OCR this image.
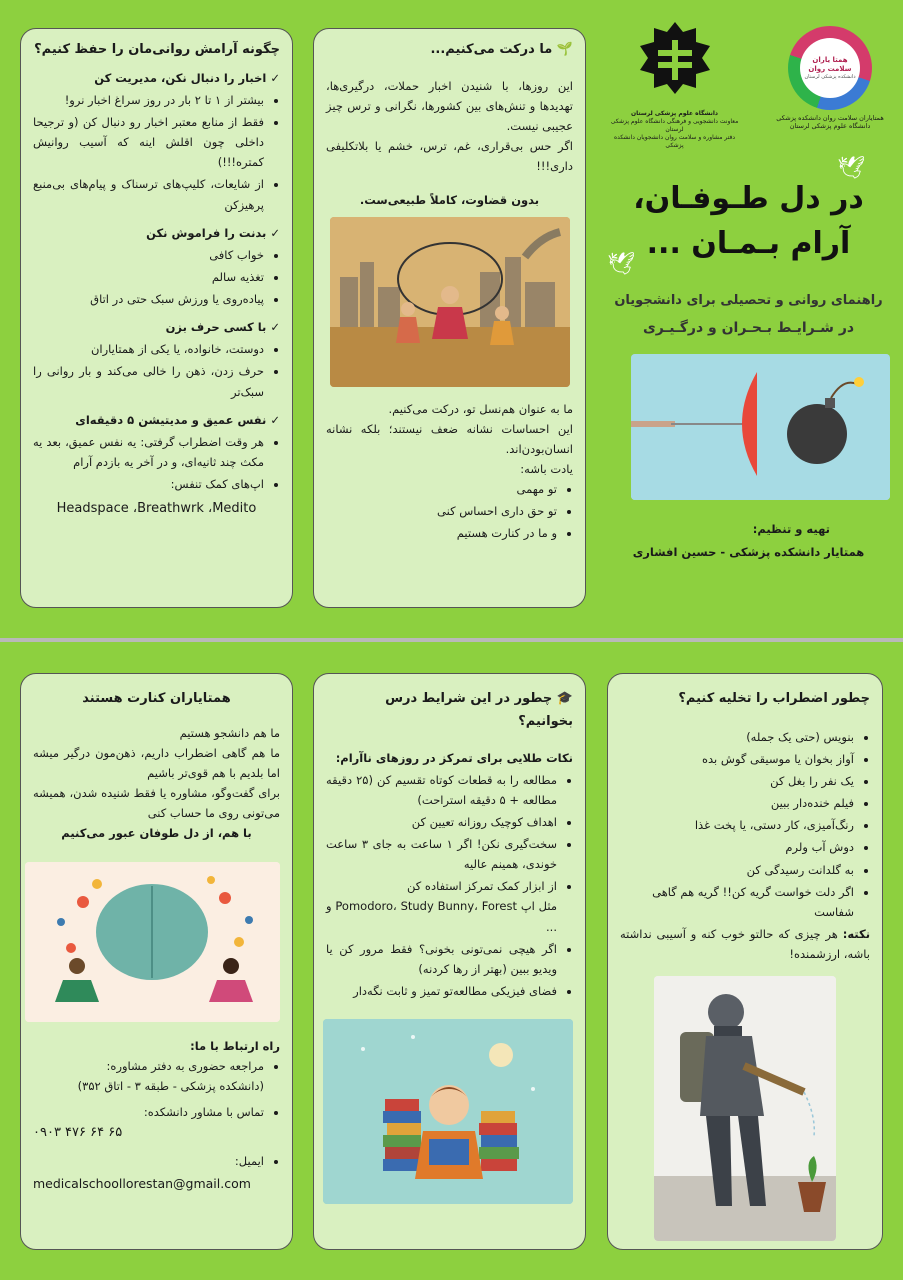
چگونه آرامش روانی‌مان را حفظ کنیم؟

✓ اخبار را دنبال نکن، مدیریت کن

• بیشتر از ۱ تا ۲ بار در روز سراغ اخبار نرو!
• فقط از منابع معتبر اخبار رو دنبال کن (و ترجیحا داخلی چون اقلش اینه که آسیب روانیش کمتره!!!)
• از شایعات، کلیپ‌های ترسناک و پیام‌های بی‌منبع پرهیزکن

✓ بدنت را فراموش نکن

• خواب کافی
• تغذیه سالم
• پیاده‌روی یا ورزش سبک حتی در اتاق

✓ با کسی حرف بزن

• دوستت، خانواده، یا یکی از همتایاران
• حرف زدن، ذهن را خالی می‌کند و بار روانی را سبک‌تر

✓ نفس عمیق و مدیتیشن ۵ دقیقه‌ای

• هر وقت اضطراب گرفتی: یه نفس عمیق، بعد یه مکث چند ثانیه‌ای، و در آخر یه بازدم آرام
• اپ‌های کمک تنفس:

Headspace ،Breathwrk ،Medito

🌱 ما درکت می‌کنیم...

این روزها، با شنیدن اخبار حملات، درگیری‌ها، تهدیدها و تنش‌های بین کشورها، نگرانی و ترس چیز عجیبی نیست.

اگر حس بی‌قراری، غم، ترس، خشم یا بلاتکلیفی داری!!!

بدون قضاوت، کاملاً طبیعی‌ست.

ما به عنوان هم‌نسل تو، درکت می‌کنیم.

این احساسات نشانه ضعف نیستند؛ بلکه نشانه انسان‌بودن‌اند.

یادت باشه:

• تو مهمی
• تو حق داری احساس کنی
• و ما در کنارت هستیم
همتا یاران سلامت روان
دانشکده پزشکی لرستان
همتایاران سلامت روان دانشکده پزشکی
دانشگاه علوم پزشکی لرستان
دانشگاه علوم پزشکی لرستان
معاونت دانشجویی و فرهنگی دانشگاه علوم پزشکی لرستان
دفتر مشاوره و سلامت روان دانشجویان دانشکده پزشکی
🕊
در دل طـوفـان،
آرام بـمـان ...
🕊
راهنمای روانی و تحصیلی برای دانشجویان
در شـرایـط بـحـران و درگـیـری
تهیه و تنظیم:
همتایار دانشکده پزشکی - حسین افشاری

همتایاران کنارت هستند

ما هم دانشجو هستیم

ما هم گاهی اضطراب داریم، ذهن‌مون درگیر میشه اما بلدیم با هم قوی‌تر باشیم

برای گفت‌وگو، مشاوره یا فقط شنیده شدن، همیشه می‌تونی روی ما حساب کنی

با هم، از دل طوفان عبور می‌کنیم

راه ارتباط با ما:

• مراجعه حضوری به دفتر مشاوره:
(دانشکده پزشکی - طبقه ۳ - اتاق ۳۵۲)
• تماس با مشاور دانشکده:

۰۹۰۳ ۴۷۶ ۶۴ ۶۵
• ایمیل:

medicalschoollorestan@gmail.com

🎓 چطور در این شرایط درس بخوانیم؟

نکات طلایی برای تمرکز در روزهای ناآرام:

• مطالعه را به قطعات کوتاه تقسیم کن (۲۵ دقیقه مطالعه + ۵ دقیقه استراحت)
• اهداف کوچیک روزانه تعیین کن
• سخت‌گیری نکن! اگر ۱ ساعت به جای ۳ ساعت خوندی، همینم عالیه
• از ابزار کمک تمرکز استفاده کن
مثل اپ Pomodoro، Study Bunny، Forest و ...
• اگر هیچی نمی‌تونی بخونی؟ فقط مرور کن یا ویدیو ببین (بهتر از رها کردنه)
• فضای فیزیکی مطالعه‌تو تمیز و ثابت نگه‌دار

چطور اضطراب را تخلیه کنیم؟

• بنویس (حتی یک جمله)
• آواز بخوان یا موسیقی گوش بده
• یک نفر را بغل کن
• فیلم خنده‌دار ببین
• رنگ‌آمیزی، کار دستی، یا پخت غذا
• دوش آب ولرم
• به گلدانت رسیدگی کن
• اگر دلت خواست گریه کن!! گریه هم گاهی شفاست

نکته: هر چیزی که حالتو خوب کنه و آسیبی نداشته باشه، ارزشمنده!
